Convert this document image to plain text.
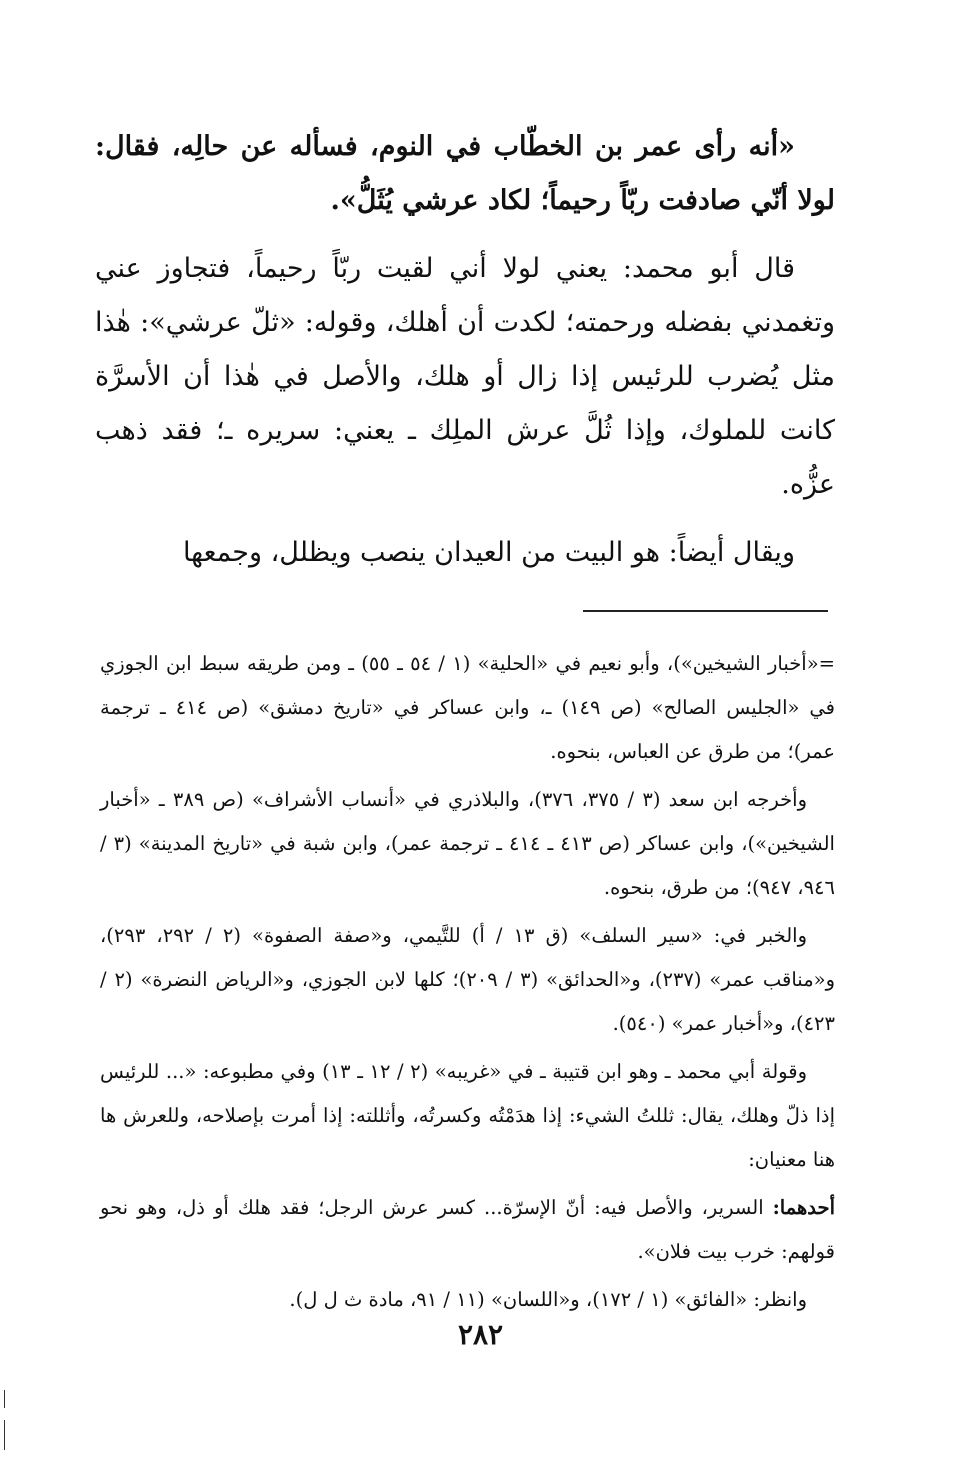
«أنه رأى عمر بن الخطّاب في النوم، فسأله عن حالِه، فقال: لولا أنّي صادفت ربّاً رحيماً؛ لكاد عرشي يُثَلُّ».

قال أبو محمد: يعني لولا أني لقيت ربّاً رحيماً، فتجاوز عني وتغمدني بفضله ورحمته؛ لكدت أن أهلك، وقوله: «ثلّ عرشي»: هٰذا مثل يُضرب للرئيس إذا زال أو هلك، والأصل في هٰذا أن الأسرَّة كانت للملوك، وإذا ثُلَّ عرش الملِك ـ يعني: سريره ـ؛ فقد ذهب عزُّه.

ويقال أيضاً: هو البيت من العيدان ينصب ويظلل، وجمعها

=«أخبار الشيخين»)، وأبو نعيم في «الحلية» (١ / ٥٤ ـ ٥٥) ـ ومن طريقه سبط ابن الجوزي في «الجليس الصالح» (ص ١٤٩) ـ، وابن عساكر في «تاريخ دمشق» (ص ٤١٤ ـ ترجمة عمر)؛ من طرق عن العباس، بنحوه.

وأخرجه ابن سعد (٣ / ٣٧٥، ٣٧٦)، والبلاذري في «أنساب الأشراف» (ص ٣٨٩ ـ «أخبار الشيخين»)، وابن عساكر (ص ٤١٣ ـ ٤١٤ ـ ترجمة عمر)، وابن شبة في «تاريخ المدينة» (٣ / ٩٤٦، ٩٤٧)؛ من طرق، بنحوه.

والخبر في: «سير السلف» (ق ١٣ / أ) للتَّيمي، و«صفة الصفوة» (٢ / ٢٩٢، ٢٩٣)، و«مناقب عمر» (٢٣٧)، و«الحدائق» (٣ / ٢٠٩)؛ كلها لابن الجوزي، و«الرياض النضرة» (٢ / ٤٢٣)، و«أخبار عمر» (٥٤٠).

وقولة أبي محمد ـ وهو ابن قتيبة ـ في «غريبه» (٢ / ١٢ ـ ١٣) وفي مطبوعه: «... للرئيس إذا ذلّ وهلك، يقال: ثللتُ الشيء: إذا هدَمْتُه وكسرتُه، وأثللته: إذا أمرت بإصلاحه، وللعرش ها هنا معنيان:

أحدهما: السرير، والأصل فيه: أنّ الإسرّة... كسر عرش الرجل؛ فقد هلك أو ذل، وهو نحو قولهم: خرب بيت فلان».

وانظر: «الفائق» (١ / ١٧٢)، و«اللسان» (١١ / ٩١، مادة ث ل ل).

٢٨٢
